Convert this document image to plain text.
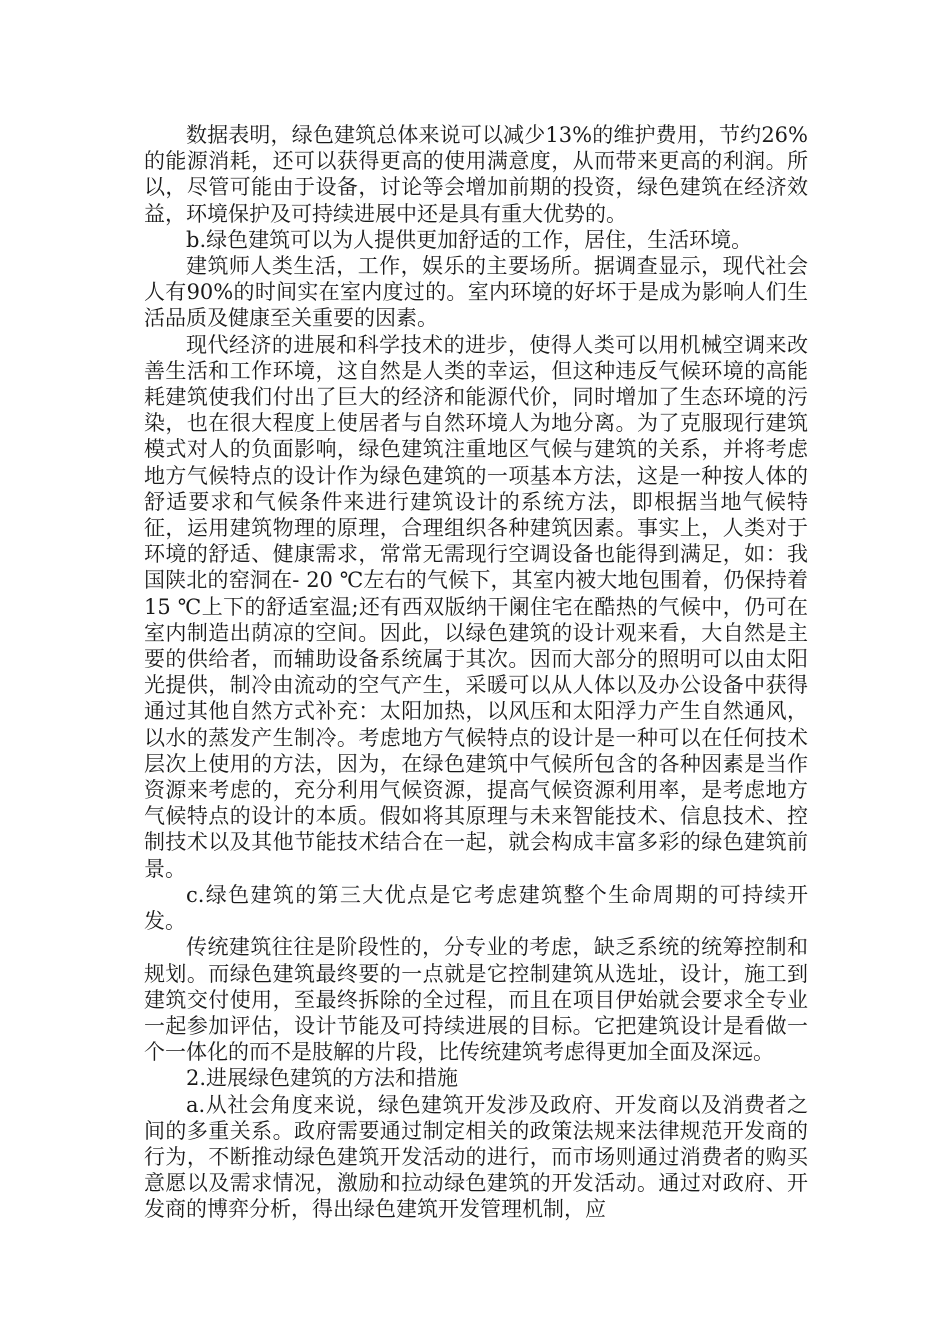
数据表明，绿色建筑总体来说可以减少13%的维护费用，节约26%的能源消耗，还可以获得更高的使用满意度，从而带来更高的利润。所以，尽管可能由于设备，讨论等会增加前期的投资，绿色建筑在经济效益，环境保护及可持续进展中还是具有重大优势的。

b.绿色建筑可以为人提供更加舒适的工作，居住，生活环境。

建筑师人类生活，工作，娱乐的主要场所。据调查显示，现代社会人有90%的时间实在室内度过的。室内环境的好坏于是成为影响人们生活品质及健康至关重要的因素。

现代经济的进展和科学技术的进步，使得人类可以用机械空调来改善生活和工作环境，这自然是人类的幸运，但这种违反气候环境的高能耗建筑使我们付出了巨大的经济和能源代价，同时增加了生态环境的污染，也在很大程度上使居者与自然环境人为地分离。为了克服现行建筑模式对人的负面影响，绿色建筑注重地区气候与建筑的关系，并将考虑地方气候特点的设计作为绿色建筑的一项基本方法，这是一种按人体的舒适要求和气候条件来进行建筑设计的系统方法，即根据当地气候特征，运用建筑物理的原理，合理组织各种建筑因素。事实上，人类对于环境的舒适、健康需求，常常无需现行空调设备也能得到满足，如：我国陕北的窑洞在- 20 ℃左右的气候下，其室内被大地包围着，仍保持着15 ℃上下的舒适室温;还有西双版纳干阑住宅在酷热的气候中，仍可在室内制造出荫凉的空间。因此，以绿色建筑的设计观来看，大自然是主要的供给者，而辅助设备系统属于其次。因而大部分的照明可以由太阳光提供，制冷由流动的空气产生，采暖可以从人体以及办公设备中获得 通过其他自然方式补充：太阳加热，以风压和太阳浮力产生自然通风，以水的蒸发产生制冷。考虑地方气候特点的设计是一种可以在任何技术层次上使用的方法，因为，在绿色建筑中气候所包含的各种因素是当作资源来考虑的，充分利用气候资源，提高气候资源利用率，是考虑地方气候特点的设计的本质。假如将其原理与未来智能技术、信息技术、控制技术以及其他节能技术结合在一起，就会构成丰富多彩的绿色建筑前景。

c.绿色建筑的第三大优点是它考虑建筑整个生命周期的可持续开发。

传统建筑往往是阶段性的，分专业的考虑，缺乏系统的统筹控制和规划。而绿色建筑最终要的一点就是它控制建筑从选址，设计，施工到建筑交付使用，至最终拆除的全过程，而且在项目伊始就会要求全专业一起参加评估，设计节能及可持续进展的目标。它把建筑设计是看做一个一体化的而不是肢解的片段，比传统建筑考虑得更加全面及深远。

2.进展绿色建筑的方法和措施

a.从社会角度来说，绿色建筑开发涉及政府、开发商以及消费者之间的多重关系。政府需要通过制定相关的政策法规来法律规范开发商的行为，不断推动绿色建筑开发活动的进行，而市场则通过消费者的购买意愿以及需求情况，激励和拉动绿色建筑的开发活动。通过对政府、开发商的博弈分析，得出绿色建筑开发管理机制，应
